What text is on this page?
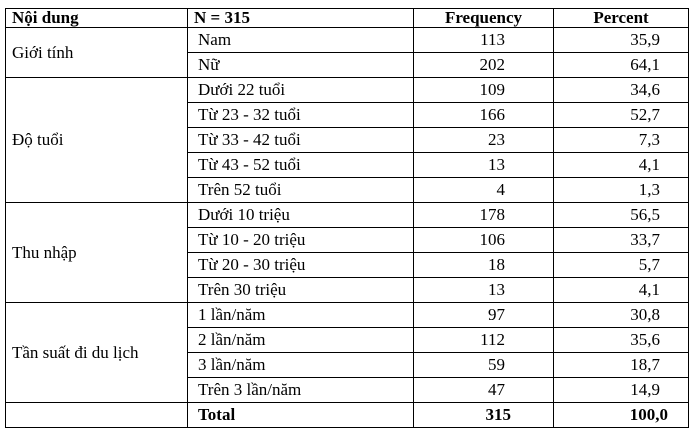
Nội dung	N = 315	Frequency	Percent
Giới tính	Nam	113	35,9
	Nữ	202	64,1
Độ tuổi	Dưới 22 tuổi	109	34,6
	Từ 23 - 32 tuổi	166	52,7
	Từ 33 - 42 tuổi	23	7,3
	Từ 43 - 52 tuổi	13	4,1
	Trên 52 tuổi	4	1,3
Thu nhập	Dưới 10 triệu	178	56,5
	Từ 10 - 20 triệu	106	33,7
	Từ 20 - 30 triệu	18	5,7
	Trên 30 triệu	13	4,1
Tần suất đi du lịch	1 lần/năm	97	30,8
	2 lần/năm	112	35,6
	3 lần/năm	59	18,7
	Trên 3 lần/năm	47	14,9
	Total	315	100,0
